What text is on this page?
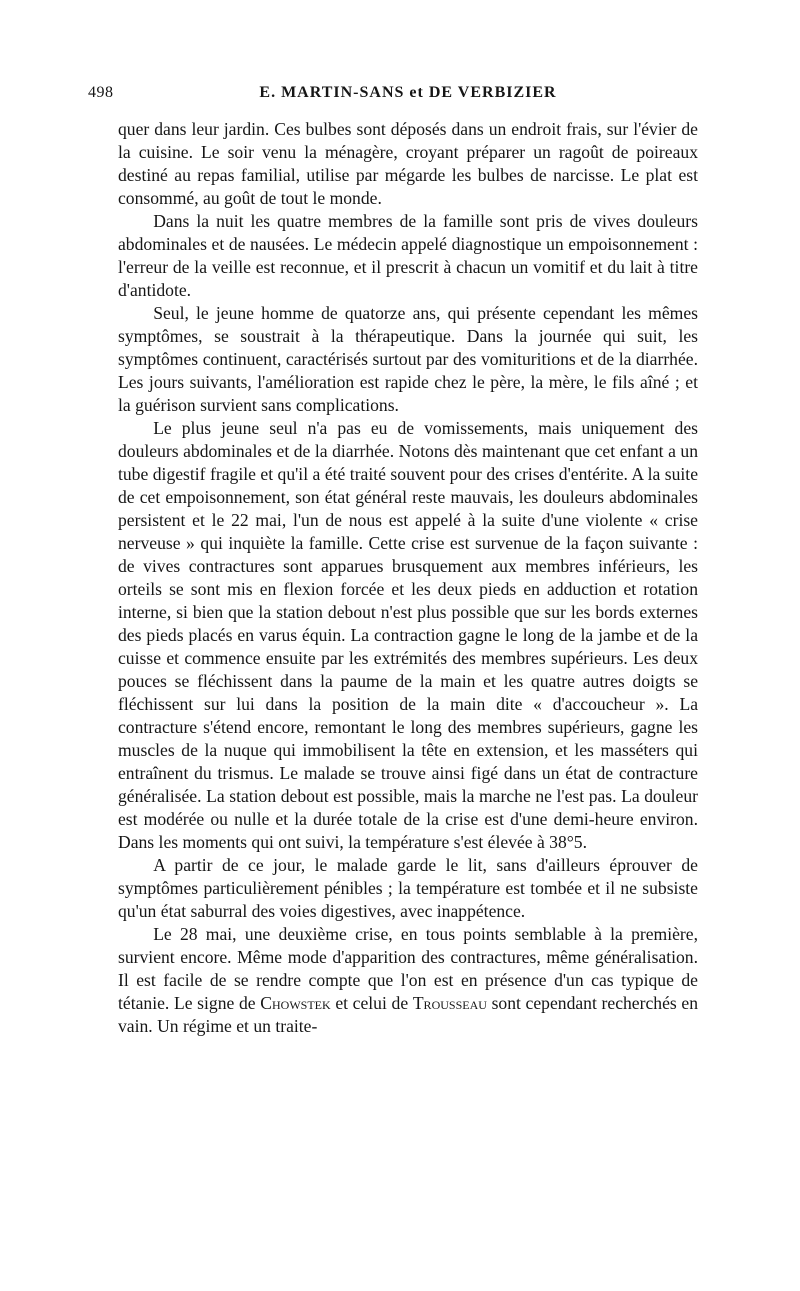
498	E. MARTIN-SANS et DE VERBIZIER

quer dans leur jardin. Ces bulbes sont déposés dans un endroit frais, sur l'évier de la cuisine. Le soir venu la ménagère, croyant préparer un ragoût de poireaux destiné au repas familial, utilise par mégarde les bulbes de narcisse. Le plat est consommé, au goût de tout le monde.

Dans la nuit les quatre membres de la famille sont pris de vives douleurs abdominales et de nausées. Le médecin appelé diagnostique un empoisonnement : l'erreur de la veille est reconnue, et il prescrit à chacun un vomitif et du lait à titre d'antidote.

Seul, le jeune homme de quatorze ans, qui présente cependant les mêmes symptômes, se soustrait à la thérapeutique. Dans la journée qui suit, les symptômes continuent, caractérisés surtout par des vomituritions et de la diarrhée. Les jours suivants, l'amélioration est rapide chez le père, la mère, le fils aîné ; et la guérison survient sans complications.

Le plus jeune seul n'a pas eu de vomissements, mais uniquement des douleurs abdominales et de la diarrhée. Notons dès maintenant que cet enfant a un tube digestif fragile et qu'il a été traité souvent pour des crises d'entérite. A la suite de cet empoisonnement, son état général reste mauvais, les douleurs abdominales persistent et le 22 mai, l'un de nous est appelé à la suite d'une violente « crise nerveuse » qui inquiète la famille. Cette crise est survenue de la façon suivante : de vives contractures sont apparues brusquement aux membres inférieurs, les orteils se sont mis en flexion forcée et les deux pieds en adduction et rotation interne, si bien que la station debout n'est plus possible que sur les bords externes des pieds placés en varus équin. La contraction gagne le long de la jambe et de la cuisse et commence ensuite par les extrémités des membres supérieurs. Les deux pouces se fléchissent dans la paume de la main et les quatre autres doigts se fléchissent sur lui dans la position de la main dite « d'accoucheur ». La contracture s'étend encore, remontant le long des membres supérieurs, gagne les muscles de la nuque qui immobilisent la tête en extension, et les masséters qui entraînent du trismus. Le malade se trouve ainsi figé dans un état de contracture généralisée. La station debout est possible, mais la marche ne l'est pas. La douleur est modérée ou nulle et la durée totale de la crise est d'une demi-heure environ. Dans les moments qui ont suivi, la température s'est élevée à 38°5.

A partir de ce jour, le malade garde le lit, sans d'ailleurs éprouver de symptômes particulièrement pénibles ; la température est tombée et il ne subsiste qu'un état saburral des voies digestives, avec inappétence.

Le 28 mai, une deuxième crise, en tous points semblable à la première, survient encore. Même mode d'apparition des contractures, même généralisation. Il est facile de se rendre compte que l'on est en présence d'un cas typique de tétanie. Le signe de Chowstek et celui de Trousseau sont cependant recherchés en vain. Un régime et un traite-
